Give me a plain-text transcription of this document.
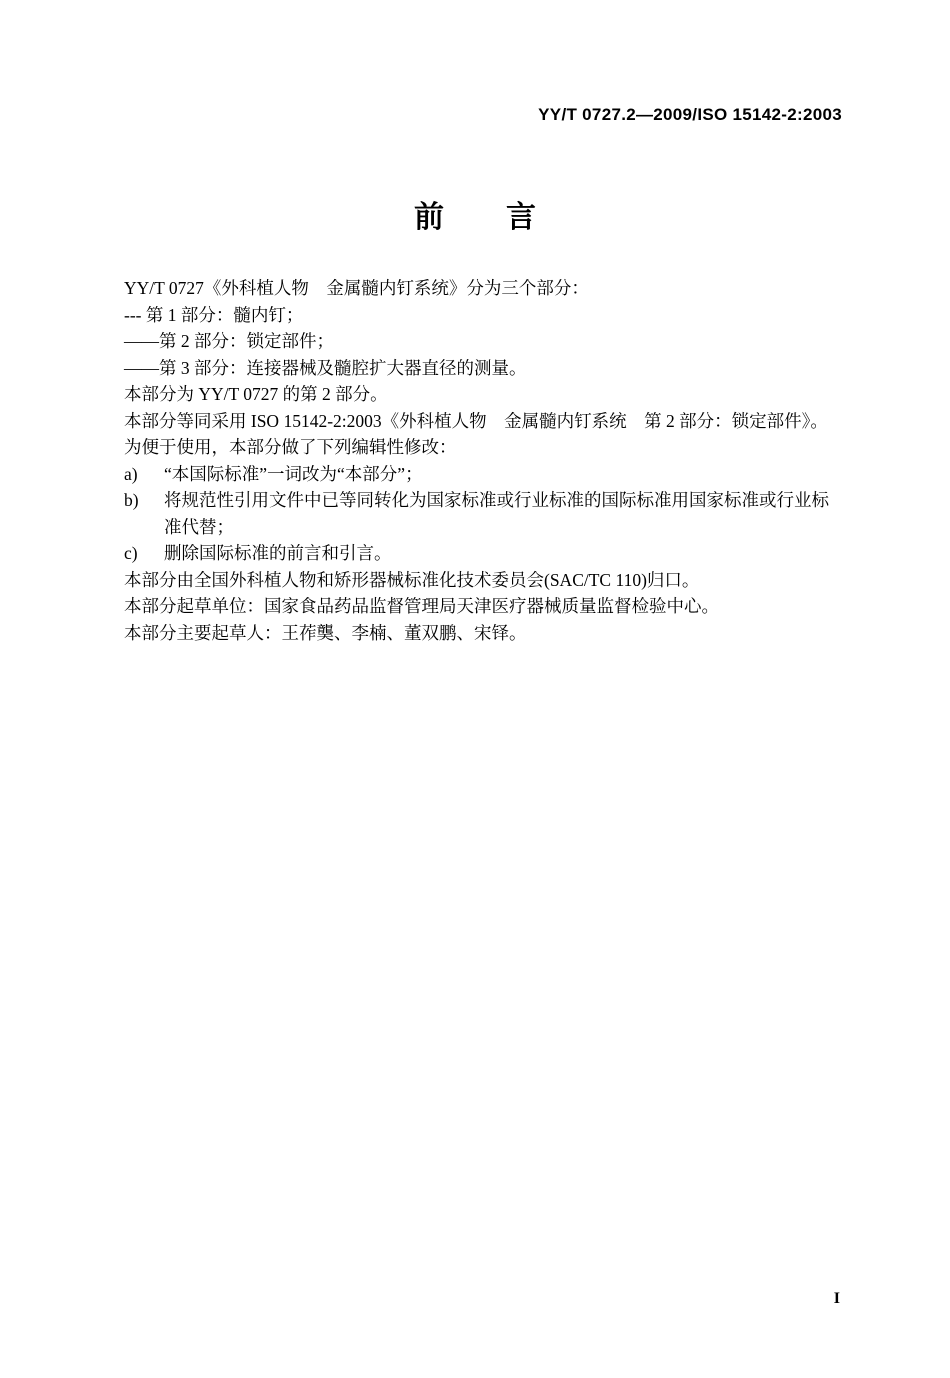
YY/T 0727.2—2009/ISO 15142-2:2003
前　言

YY/T 0727《外科植人物　金属髓内钉系统》分为三个部分：

--- 第 1 部分：髓内钉；

——第 2 部分：锁定部件；

——第 3 部分：连接器械及髓腔扩大器直径的测量。

本部分为 YY/T 0727 的第 2 部分。

本部分等同采用 ISO 15142-2:2003《外科植人物　金属髓内钉系统　第 2 部分：锁定部件》。

为便于使用，本部分做了下列编辑性修改：

a)	“本国际标准”一词改为“本部分”；
b)	将规范性引用文件中已等同转化为国家标准或行业标准的国际标准用国家标准或行业标准代替；
c)	删除国际标准的前言和引言。

本部分由全国外科植人物和矫形器械标准化技术委员会(SAC/TC 110)归口。

本部分起草单位：国家食品药品监督管理局天津医疗器械质量监督检验中心。

本部分主要起草人：王莋龑、李楠、董双鹏、宋铎。

I
